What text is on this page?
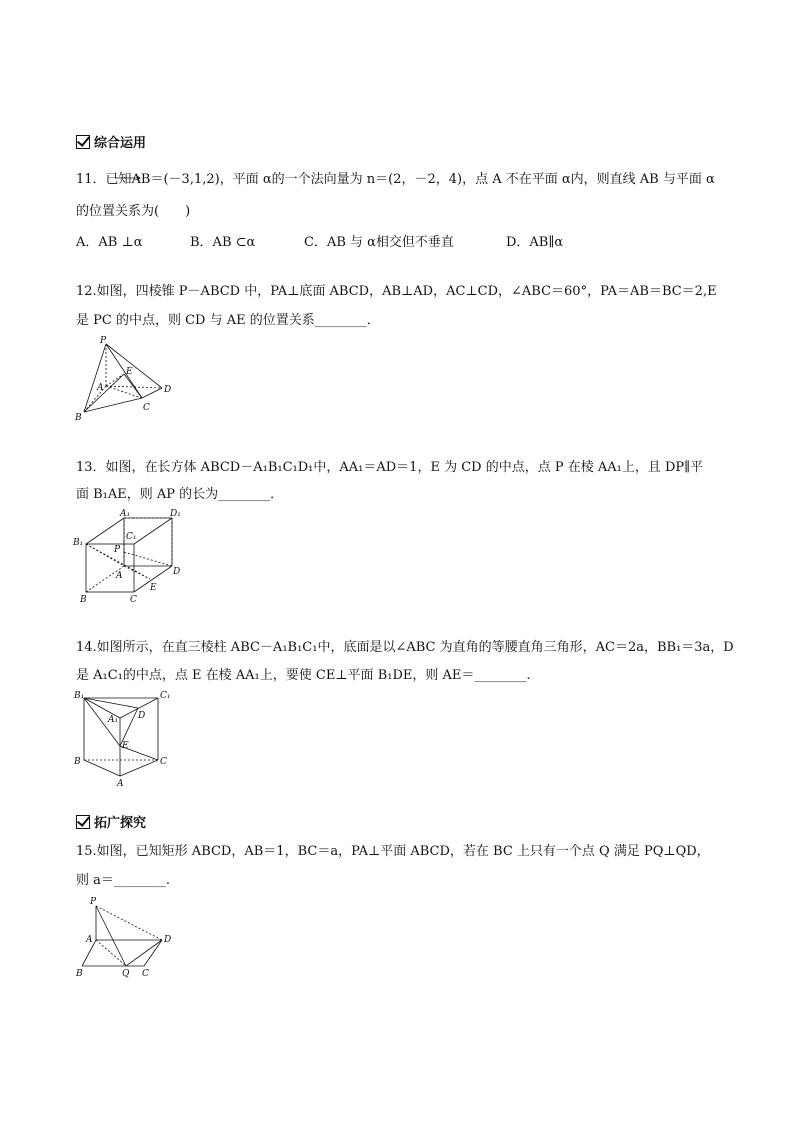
综合运用
11．已知AB＝(－3,1,2)，平面 α的一个法向量为 n＝(2，－2，4)，点 A 不在平面 α内，则直线 AB 与平面 α
的位置关系为(　　)
A．AB ⊥α	B．AB ⊂α	C．AB 与 α相交但不垂直	D．AB∥α
12.如图，四棱锥 P－ABCD 中，PA⊥底面 ABCD，AB⊥AD，AC⊥CD，∠ABC＝60°，PA＝AB＝BC＝2,E
是 PC 的中点，则 CD 与 AE 的位置关系________．
P
A
B
C
D
E
13．如图，在长方体 ABCD－A₁B₁C₁D₁中，AA₁＝AD＝1，E 为 CD 的中点，点 P 在棱 AA₁上，且 DP∥平
面 B₁AE，则 AP 的长为________．
A₁	D₁
B₁
C₁
P
A	D
B	C
E
14.如图所示，在直三棱柱 ABC－A₁B₁C₁中，底面是以∠ABC 为直角的等腰直角三角形，AC＝2a，BB₁＝3a，D
是 A₁C₁的中点，点 E 在棱 AA₁上，要使 CE⊥平面 B₁DE，则 AE＝________.
B₁	C₁
A₁ D
E
B	C
A
拓广探究
15.如图，已知矩形 ABCD，AB＝1，BC＝a，PA⊥平面 ABCD，若在 BC 上只有一个点 Q 满足 PQ⊥QD，
则 a＝________.
P
A	D
B	Q C
